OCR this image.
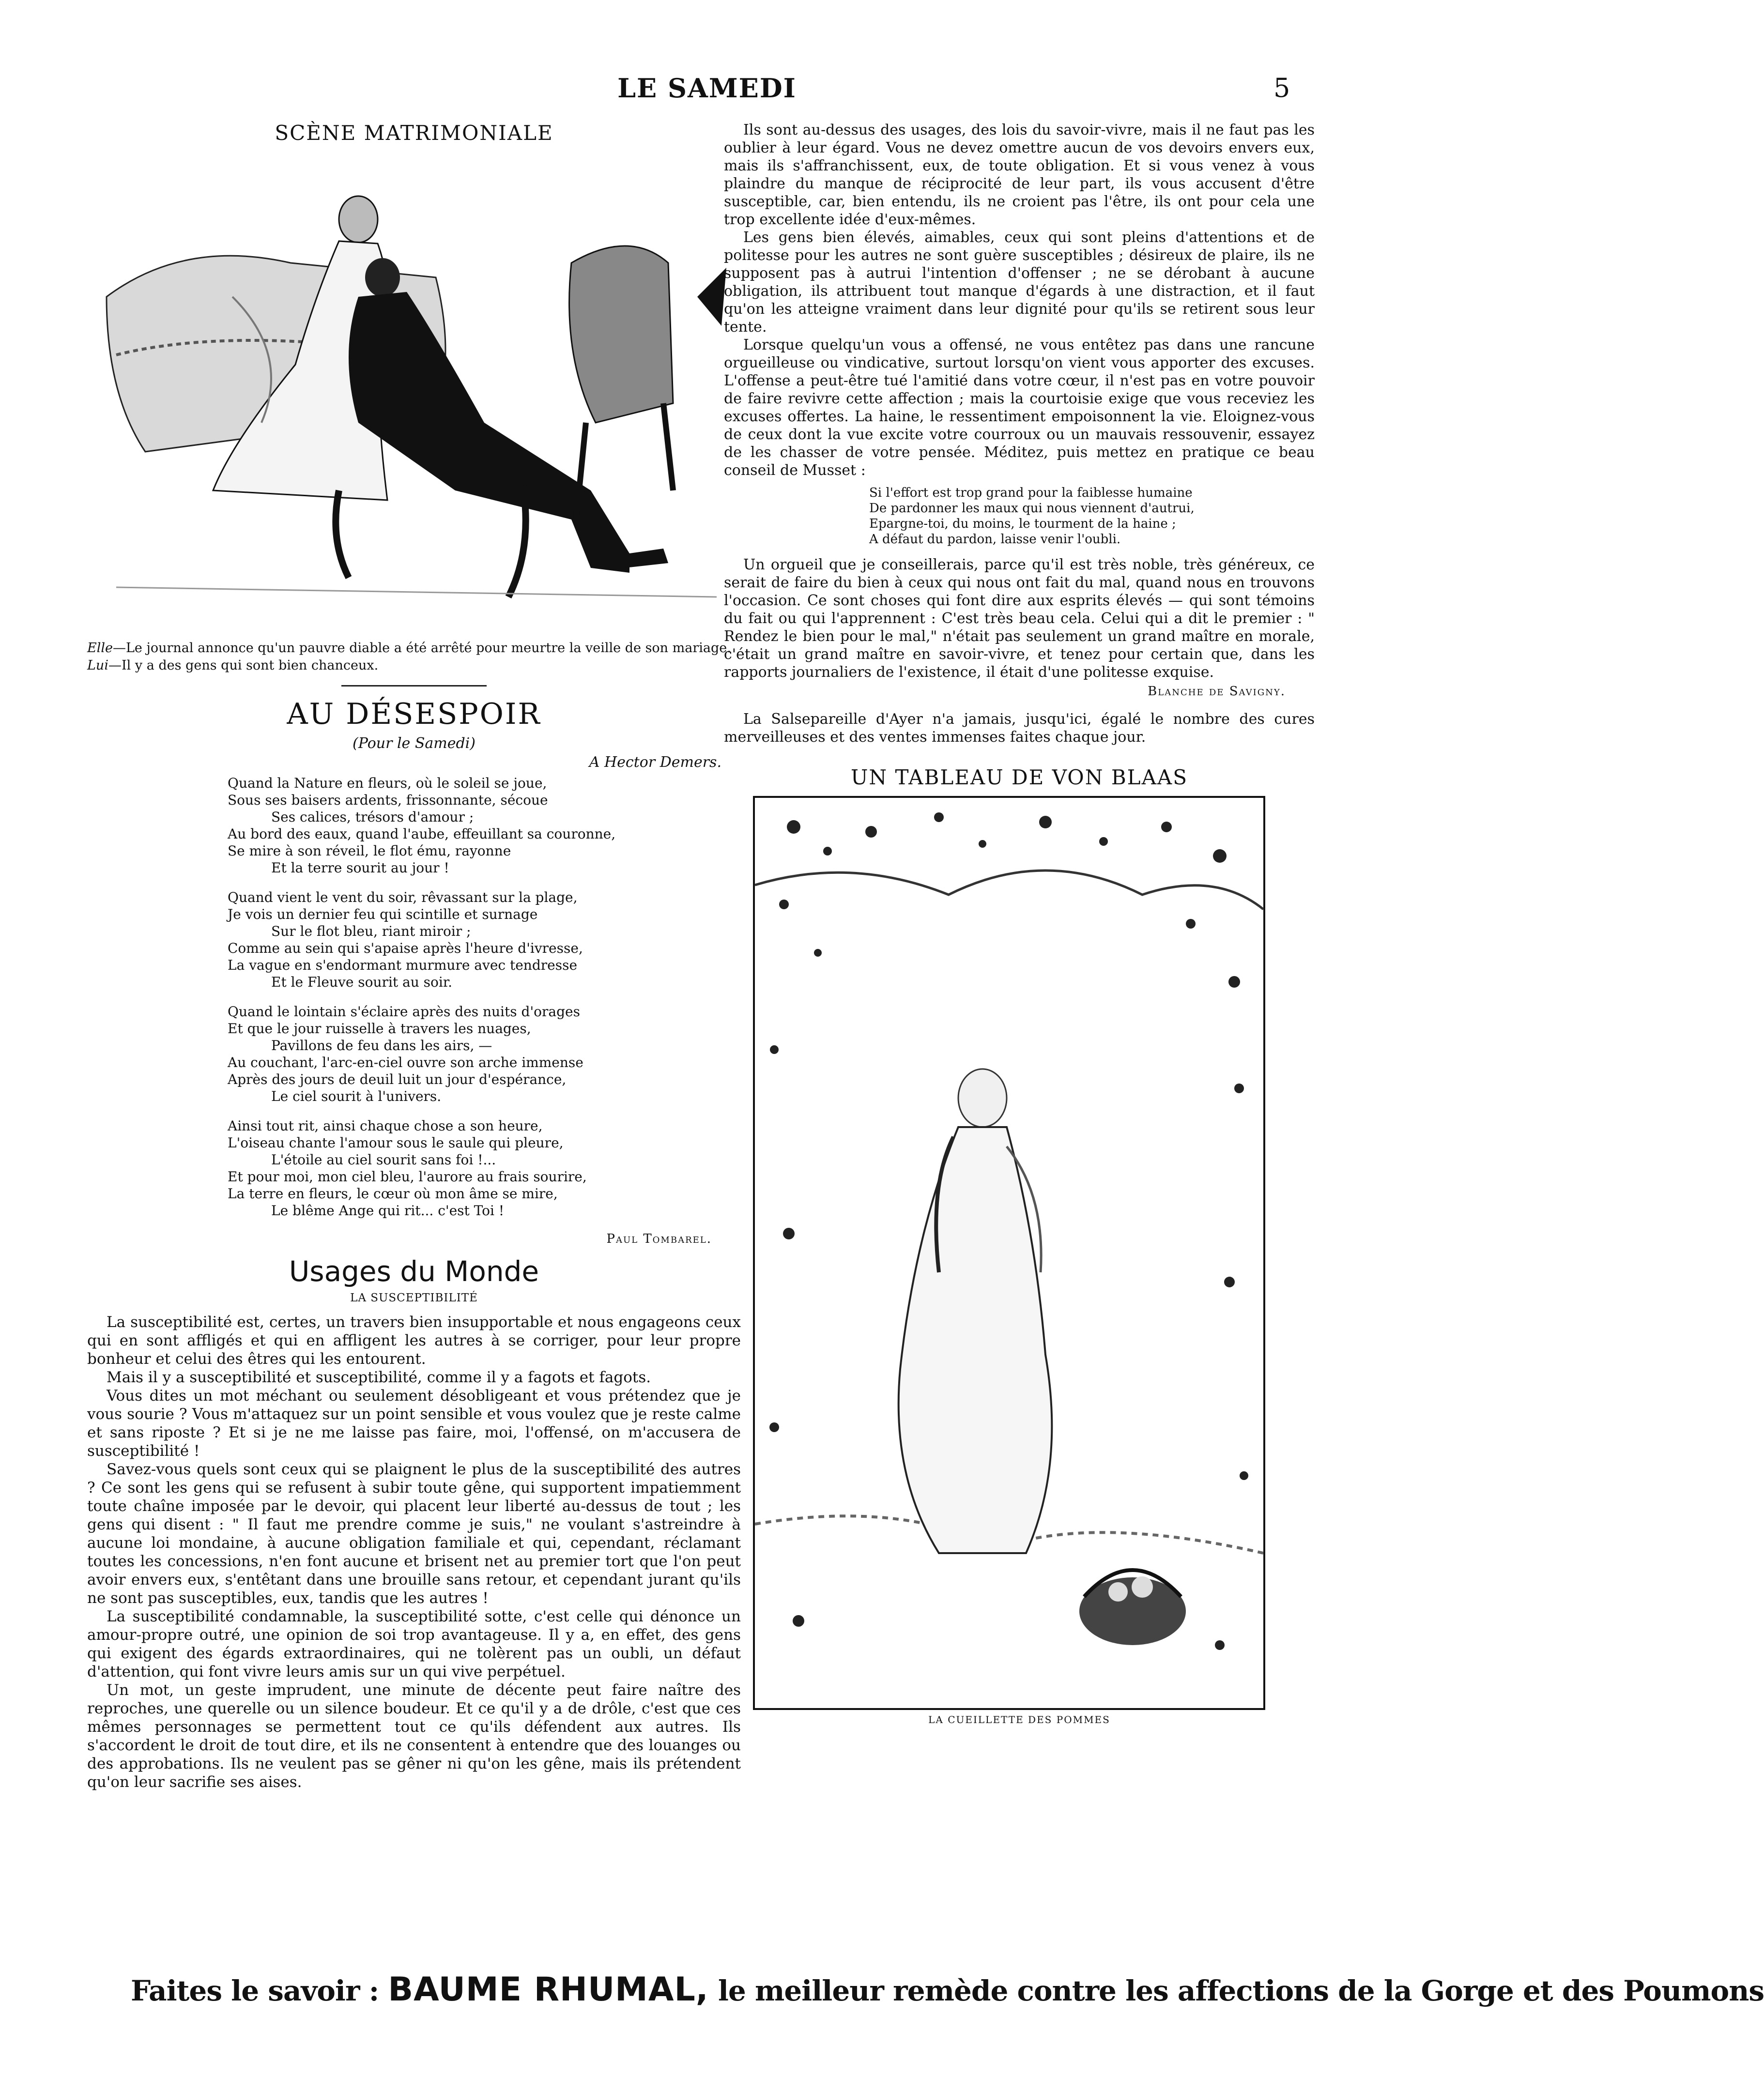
LE SAMEDI	5
SCÈNE MATRIMONIALE
Elle—Le journal annonce qu'un pauvre diable a été arrêté pour meurtre la veille de son mariage.
Lui—Il y a des gens qui sont bien chanceux.
AU DÉSESPOIR
(Pour le Samedi)
A Hector Demers.
Quand la Nature en fleurs, où le soleil se joue,
Sous ses baisers ardents, frissonnante, sécoue
Ses calices, trésors d'amour ;
Au bord des eaux, quand l'aube, effeuillant sa couronne,
Se mire à son réveil, le flot ému, rayonne
Et la terre sourit au jour !
Quand vient le vent du soir, rêvassant sur la plage,
Je vois un dernier feu qui scintille et surnage
Sur le flot bleu, riant miroir ;
Comme au sein qui s'apaise après l'heure d'ivresse,
La vague en s'endormant murmure avec tendresse
Et le Fleuve sourit au soir.
Quand le lointain s'éclaire après des nuits d'orages
Et que le jour ruisselle à travers les nuages,
Pavillons de feu dans les airs, —
Au couchant, l'arc-en-ciel ouvre son arche immense
Après des jours de deuil luit un jour d'espérance,
Le ciel sourit à l'univers.
Ainsi tout rit, ainsi chaque chose a son heure,
L'oiseau chante l'amour sous le saule qui pleure,
L'étoile au ciel sourit sans foi !...
Et pour moi, mon ciel bleu, l'aurore au frais sourire,
La terre en fleurs, le cœur où mon âme se mire,
Le blême Ange qui rit... c'est Toi !
Paul Tombarel.
Usages du Monde
LA SUSCEPTIBILITÉ

La susceptibilité est, certes, un travers bien insupportable et nous engageons ceux qui en sont affligés et qui en affligent les autres à se corriger, pour leur propre bonheur et celui des êtres qui les entourent.

Mais il y a susceptibilité et susceptibilité, comme il y a fagots et fagots.

Vous dites un mot méchant ou seulement désobligeant et vous prétendez que je vous sourie ? Vous m'attaquez sur un point sensible et vous voulez que je reste calme et sans riposte ? Et si je ne me laisse pas faire, moi, l'offensé, on m'accusera de susceptibilité !

Savez-vous quels sont ceux qui se plaignent le plus de la susceptibilité des autres ? Ce sont les gens qui se refusent à subir toute gêne, qui supportent impatiemment toute chaîne imposée par le devoir, qui placent leur liberté au-dessus de tout ; les gens qui disent : " Il faut me prendre comme je suis," ne voulant s'astreindre à aucune loi mondaine, à aucune obligation familiale et qui, cependant, réclamant toutes les concessions, n'en font aucune et brisent net au premier tort que l'on peut avoir envers eux, s'entêtant dans une brouille sans retour, et cependant jurant qu'ils ne sont pas susceptibles, eux, tandis que les autres !

La susceptibilité condamnable, la susceptibilité sotte, c'est celle qui dénonce un amour-propre outré, une opinion de soi trop avantageuse. Il y a, en effet, des gens qui exigent des égards extraordinaires, qui ne tolèrent pas un oubli, un défaut d'attention, qui font vivre leurs amis sur un qui vive perpétuel.

Un mot, un geste imprudent, une minute de décente peut faire naître des reproches, une querelle ou un silence boudeur. Et ce qu'il y a de drôle, c'est que ces mêmes personnages se permettent tout ce qu'ils défendent aux autres. Ils s'accordent le droit de tout dire, et ils ne consentent à entendre que des louanges ou des approbations. Ils ne veulent pas se gêner ni qu'on les gêne, mais ils prétendent qu'on leur sacrifie ses aises.

Ils sont au-dessus des usages, des lois du savoir-vivre, mais il ne faut pas les oublier à leur égard. Vous ne devez omettre aucun de vos devoirs envers eux, mais ils s'affranchissent, eux, de toute obligation. Et si vous venez à vous plaindre du manque de réciprocité de leur part, ils vous accusent d'être susceptible, car, bien entendu, ils ne croient pas l'être, ils ont pour cela une trop excellente idée d'eux-mêmes.

Les gens bien élevés, aimables, ceux qui sont pleins d'attentions et de politesse pour les autres ne sont guère susceptibles ; désireux de plaire, ils ne supposent pas à autrui l'intention d'offenser ; ne se dérobant à aucune obligation, ils attribuent tout manque d'égards à une distraction, et il faut qu'on les atteigne vraiment dans leur dignité pour qu'ils se retirent sous leur tente.

Lorsque quelqu'un vous a offensé, ne vous entêtez pas dans une rancune orgueilleuse ou vindicative, surtout lorsqu'on vient vous apporter des excuses. L'offense a peut-être tué l'amitié dans votre cœur, il n'est pas en votre pouvoir de faire revivre cette affection ; mais la courtoisie exige que vous receviez les excuses offertes. La haine, le ressentiment empoisonnent la vie. Eloignez-vous de ceux dont la vue excite votre courroux ou un mauvais ressouvenir, essayez de les chasser de votre pensée. Méditez, puis mettez en pratique ce beau conseil de Musset :

Si l'effort est trop grand pour la faiblesse humaine
De pardonner les maux qui nous viennent d'autrui,
Epargne-toi, du moins, le tourment de la haine ;
A défaut du pardon, laisse venir l'oubli.

Un orgueil que je conseillerais, parce qu'il est très noble, très généreux, ce serait de faire du bien à ceux qui nous ont fait du mal, quand nous en trouvons l'occasion. Ce sont choses qui font dire aux esprits élevés — qui sont témoins du fait ou qui l'apprennent : C'est très beau cela. Celui qui a dit le premier : " Rendez le bien pour le mal," n'était pas seulement un grand maître en morale, c'était un grand maître en savoir-vivre, et tenez pour certain que, dans les rapports journaliers de l'existence, il était d'une politesse exquise.

Blanche de Savigny.

La Salsepareille d'Ayer n'a jamais, jusqu'ici, égalé le nombre des cures merveilleuses et des ventes immenses faites chaque jour.

UN TABLEAU DE VON BLAAS
LA CUEILLETTE DES POMMES
Faites le savoir : BAUME RHUMAL, le meilleur remède contre les affections de la Gorge et des Poumons
